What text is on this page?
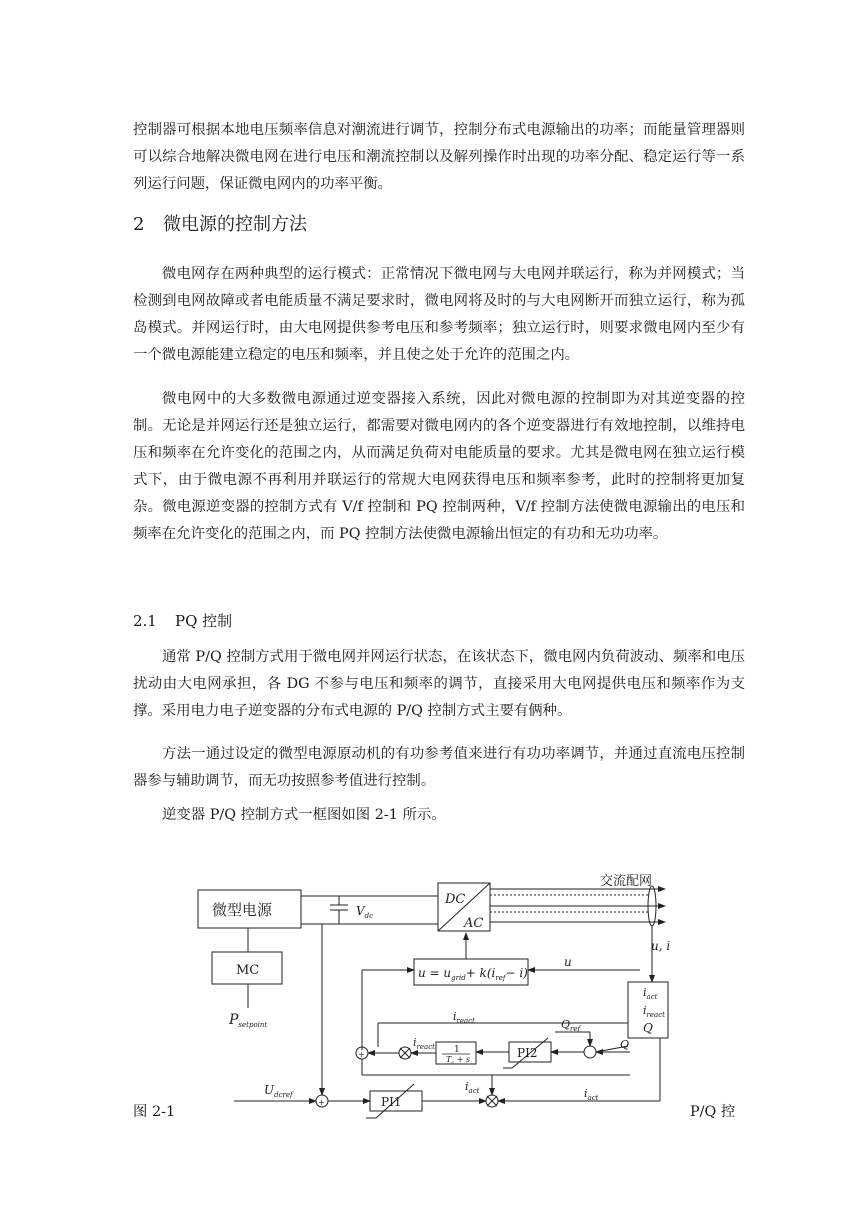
控制器可根据本地电压频率信息对潮流进行调节，控制分布式电源输出的功率；而能量管理器则可以综合地解决微电网在进行电压和潮流控制以及解列操作时出现的功率分配、稳定运行等一系列运行问题，保证微电网内的功率平衡。

2 微电源的控制方法

微电网存在两种典型的运行模式：正常情况下微电网与大电网并联运行，称为并网模式；当检测到电网故障或者电能质量不满足要求时，微电网将及时的与大电网断开而独立运行，称为孤岛模式。并网运行时，由大电网提供参考电压和参考频率；独立运行时，则要求微电网内至少有一个微电源能建立稳定的电压和频率，并且使之处于允许的范围之内。

微电网中的大多数微电源通过逆变器接入系统，因此对微电源的控制即为对其逆变器的控制。无论是并网运行还是独立运行，都需要对微电网内的各个逆变器进行有效地控制，以维持电压和频率在允许变化的范围之内，从而满足负荷对电能质量的要求。尤其是微电网在独立运行模式下，由于微电源不再利用并联运行的常规大电网获得电压和频率参考，此时的控制将更加复杂。微电源逆变器的控制方式有 V/f 控制和 PQ 控制两种，V/f 控制方法使微电源输出的电压和频率在允许变化的范围之内，而 PQ 控制方法使微电源输出恒定的有功和无功功率。

2.1 PQ 控制

通常 P/Q 控制方式用于微电网并网运行状态，在该状态下，微电网内负荷波动、频率和电压扰动由大电网承担，各 DG 不参与电压和频率的调节，直接采用大电网提供电压和频率作为支撑。采用电力电子逆变器的分布式电源的 P/Q 控制方式主要有俩种。

方法一通过设定的微型电源原动机的有功参考值来进行有功功率调节，并通过直流电压控制器参与辅助调节，而无功按照参考值进行控制。

逆变器 P/Q 控制方式一框图如图 2-1 所示。

微型电源
MC
$P_{setpoint}$
$V_{dc}$
DC
AC
交流配网
u, i
u
$u = u_{grid}+ k(i_{ref}- i)$
$i_{act}$
$i_{react}$
Q
$i_{react}$	$Q_{ref}$
$i_{react}$ 1
$T_c + s$	PI2
Q
$U_{dcref}$	PI1
$i_{act}$	$i_{act}$
+
+
图 2-1	P/Q 控
